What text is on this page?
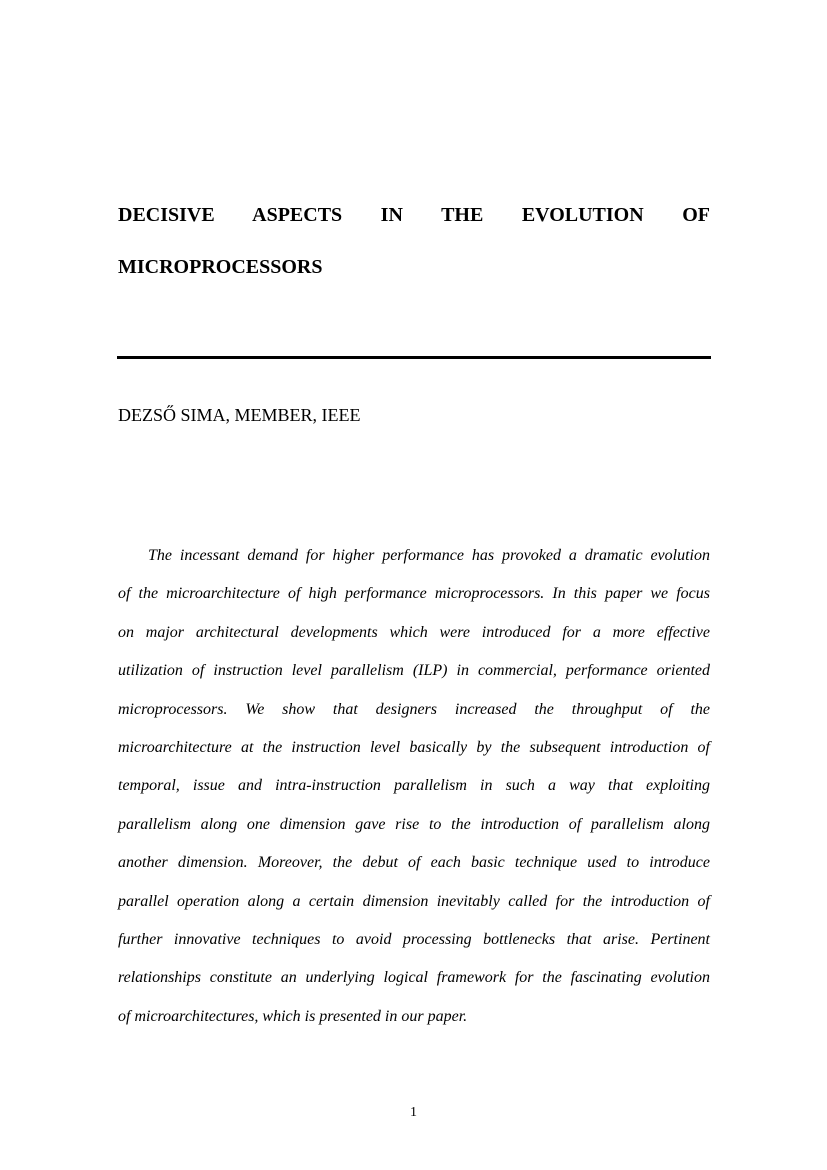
DECISIVE ASPECTS IN THE EVOLUTION OF
MICROPROCESSORS

DEZSŐ SIMA, MEMBER, IEEE

The incessant demand for higher performance has provoked a dramatic evolution
of the microarchitecture of high performance microprocessors. In this paper we focus
on major architectural developments which were introduced for a more effective
utilization of instruction level parallelism (ILP) in commercial, performance oriented
microprocessors. We show that designers increased the throughput of the
microarchitecture at the instruction level basically by the subsequent introduction of
temporal, issue and intra-instruction parallelism in such a way that exploiting
parallelism along one dimension gave rise to the introduction of parallelism along
another dimension. Moreover, the debut of each basic technique used to introduce
parallel operation along a certain dimension inevitably called for the introduction of
further innovative techniques to avoid processing bottlenecks that arise. Pertinent
relationships constitute an underlying logical framework for the fascinating evolution
of microarchitectures, which is presented in our paper.

1
